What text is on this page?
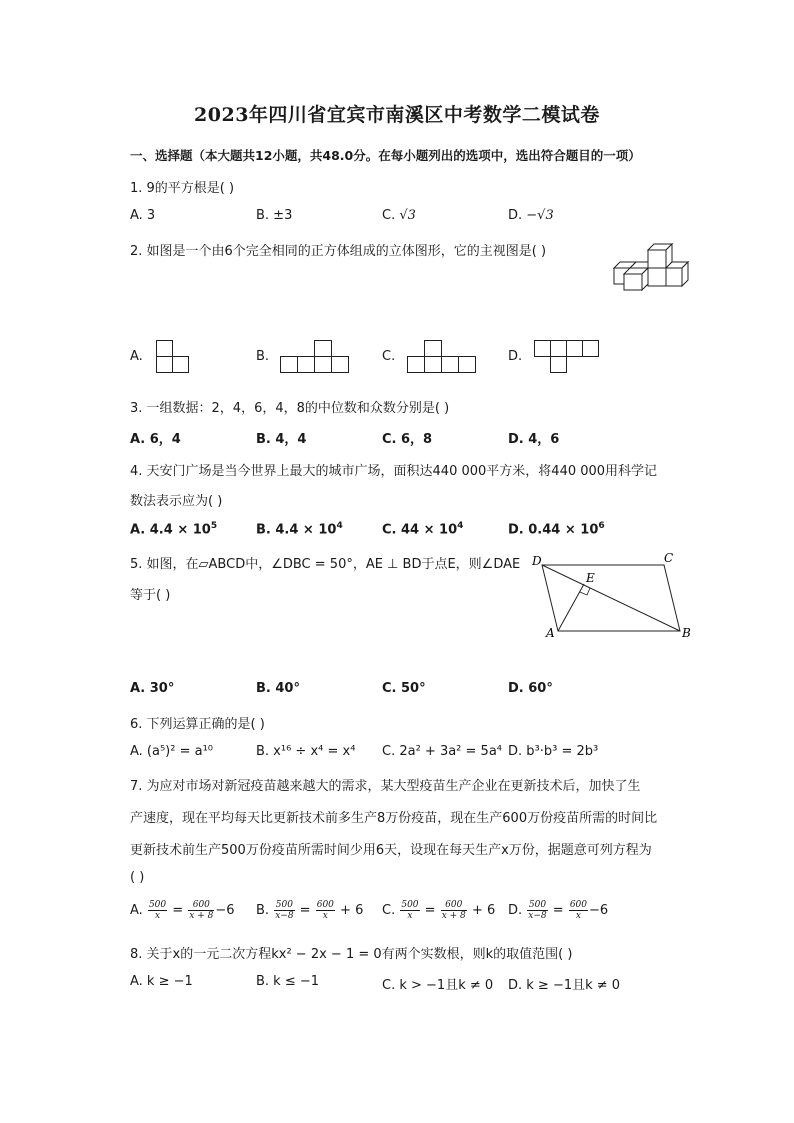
2023年四川省宜宾市南溪区中考数学二模试卷
一、选择题（本大题共12小题，共48.0分。在每小题列出的选项中，选出符合题目的一项）
1. 9的平方根是( )
A. 3	B. ±3	C. √3	D. −√3
2. 如图是一个由6个完全相同的正方体组成的立体图形，它的主视图是( )
A.	B.	C.	D.
3. 一组数据：2，4，6，4，8的中位数和众数分别是( )
A. 6，4	B. 4，4	C. 6，8	D. 4，6
4. 天安门广场是当今世界上最大的城市广场，面积达440 000平方米，将440 000用科学记
数法表示应为( )
A. $4.4 \times 10^5$	B. $4.4 \times 10^4$	C. $44 \times 10^4$	D. $0.44 \times 10^6$
5. 如图，在▱ABCD中，∠DBC = 50°，AE ⊥ BD于点E，则∠DAE
等于( )
D	C
E
A	B
A. 30°	B. 40°	C. 50°	D. 60°
6. 下列运算正确的是( )
A. (a⁵)² = a¹⁰	B. x¹⁶ ÷ x⁴ = x⁴ C. 2a² + 3a² = 5a⁴ D. b³·b³ = 2b³
7. 为应对市场对新冠疫苗越来越大的需求，某大型疫苗生产企业在更新技术后，加快了生
产速度，现在平均每天比更新技术前多生产8万份疫苗，现在生产600万份疫苗所需的时间比
更新技术前生产500万份疫苗所需时间少用6天，设现在每天生产x万份，据题意可列方程为
( )
A. $\frac{500}{x} = \frac{600}{x + 8} -6$ B. $\frac{500}{x-8} = \frac{600}{x} + 6$ C. $\frac{500}{x} = \frac{600}{x + 8} + 6$ D. $\frac{500}{x-8} = \frac{600}{x} -6$
8. 关于x的一元二次方程kx² − 2x − 1 = 0有两个实数根，则k的取值范围( )
A. k ≥ −1	B. k ≤ −1	C. k > −1且k ≠ 0 D. k ≥ −1且k ≠ 0
